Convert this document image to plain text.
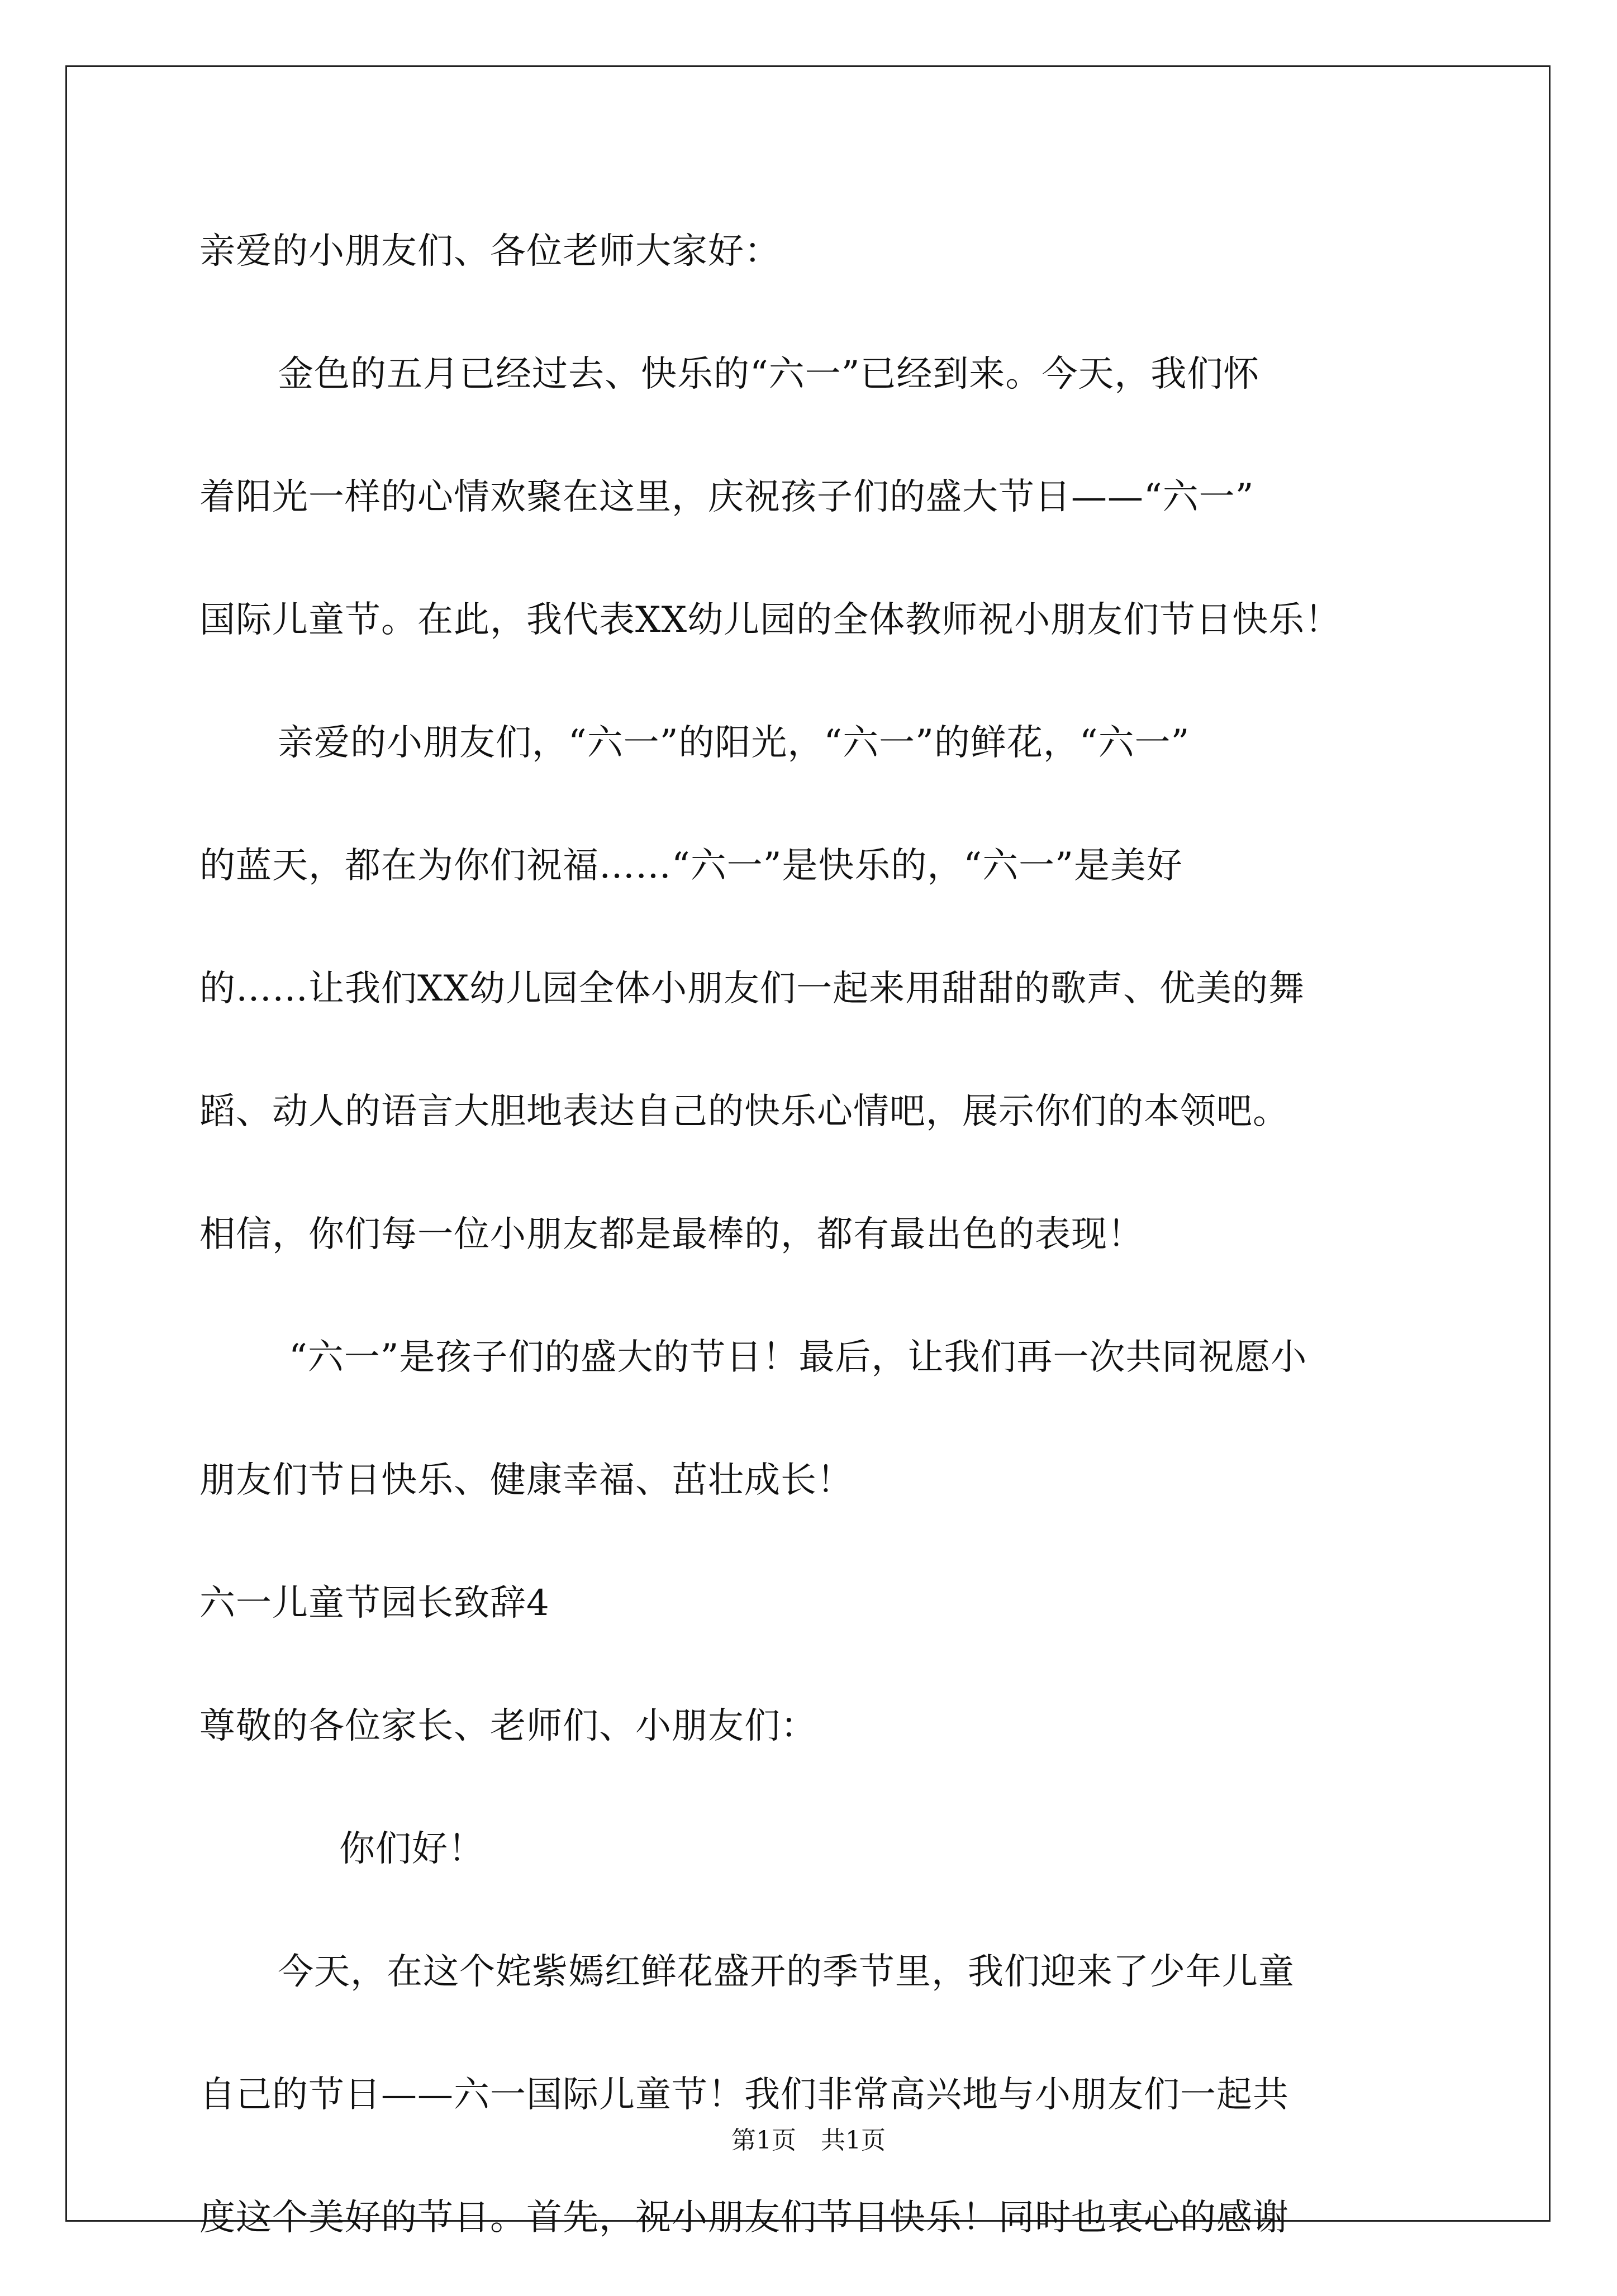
亲爱的小朋友们、各位老师大家好：
金色的五月已经过去、快乐的“六一”已经到来。今天，我们怀
着阳光一样的心情欢聚在这里，庆祝孩子们的盛大节日——“六一”
国际儿童节。在此，我代表XX幼儿园的全体教师祝小朋友们节日快乐！
亲爱的小朋友们，“六一”的阳光，“六一”的鲜花，“六一”
的蓝天，都在为你们祝福……“六一”是快乐的，“六一”是美好
的……让我们XX幼儿园全体小朋友们一起来用甜甜的歌声、优美的舞
蹈、动人的语言大胆地表达自己的快乐心情吧，展示你们的本领吧。
相信，你们每一位小朋友都是最棒的，都有最出色的表现！
“六一”是孩子们的盛大的节日！最后，让我们再一次共同祝愿小
朋友们节日快乐、健康幸福、茁壮成长！
六一儿童节园长致辞4
尊敬的各位家长、老师们、小朋友们：
你们好！
今天，在这个姹紫嫣红鲜花盛开的季节里，我们迎来了少年儿童
自己的节日——六一国际儿童节！我们非常高兴地与小朋友们一起共
度这个美好的节日。首先，祝小朋友们节日快乐！同时也衷心的感谢
第1页　共1页
